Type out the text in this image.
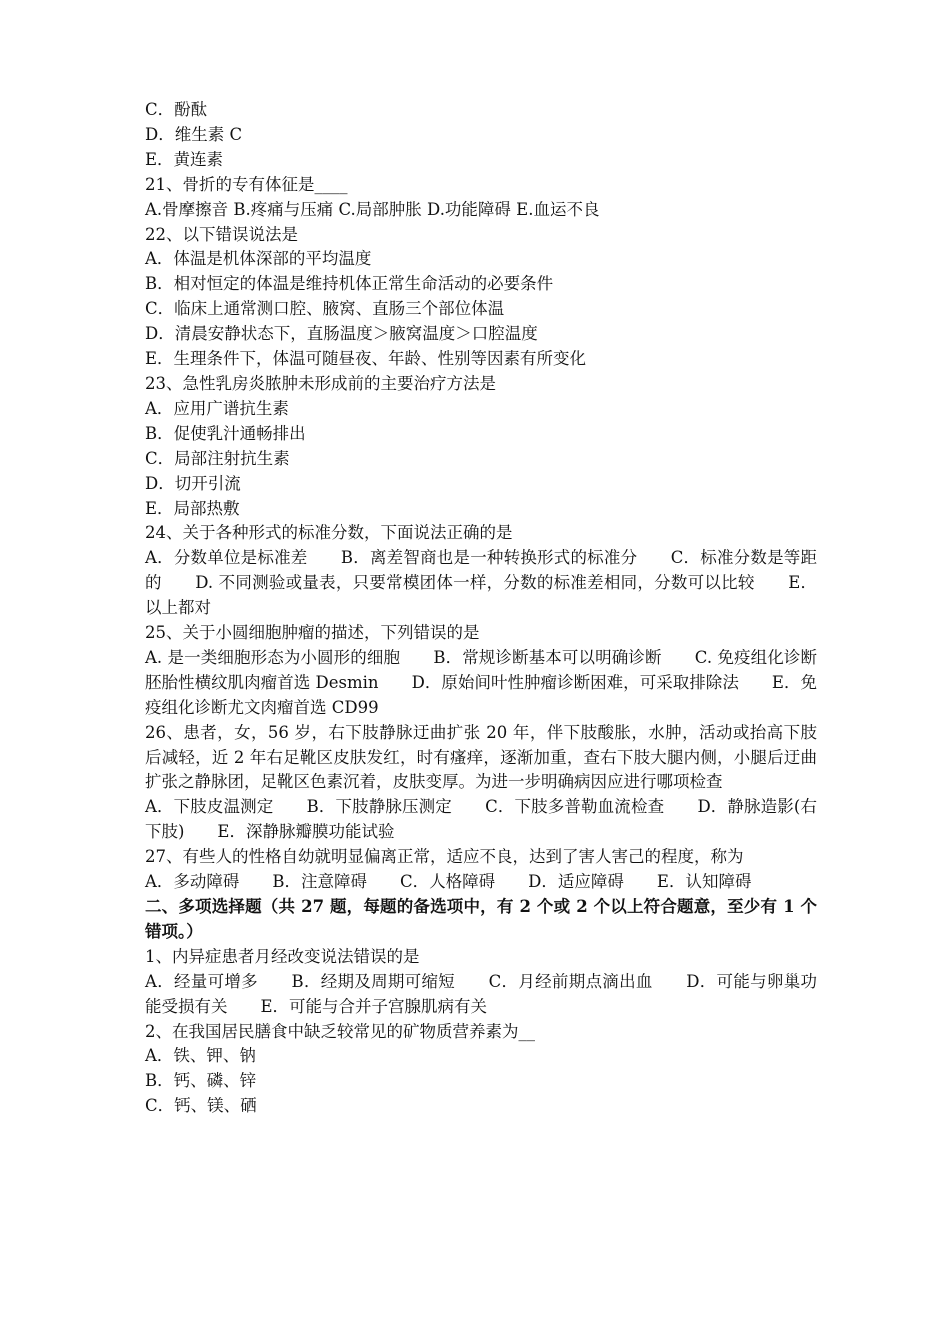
C．酚酞
D．维生素 C
E．黄连素
21、骨折的专有体征是____
A.骨摩擦音 B.疼痛与压痛 C.局部肿胀 D.功能障碍 E.血运不良
22、以下错误说法是
A．体温是机体深部的平均温度
B．相对恒定的体温是维持机体正常生命活动的必要条件
C．临床上通常测口腔、腋窝、直肠三个部位体温
D．清晨安静状态下，直肠温度＞腋窝温度＞口腔温度
E．生理条件下，体温可随昼夜、年龄、性别等因素有所变化
23、急性乳房炎脓肿未形成前的主要治疗方法是
A．应用广谱抗生素
B．促使乳汁通畅排出
C．局部注射抗生素
D．切开引流
E．局部热敷
24、关于各种形式的标准分数，下面说法正确的是
A．分数单位是标准差　　B．离差智商也是一种转换形式的标准分　　C．标准分数是等距的　　D. 不同测验或量表，只要常模团体一样，分数的标准差相同，分数可以比较　　E．以上都对
25、关于小圆细胞肿瘤的描述，下列错误的是
A. 是一类细胞形态为小圆形的细胞　　B．常规诊断基本可以明确诊断　　C. 免疫组化诊断胚胎性横纹肌肉瘤首选 Desmin　　D．原始间叶性肿瘤诊断困难，可采取排除法　　E．免疫组化诊断尤文肉瘤首选 CD99
26、患者，女，56 岁，右下肢静脉迂曲扩张 20 年，伴下肢酸胀，水肿，活动或抬高下肢后减轻，近 2 年右足靴区皮肤发红，时有瘙痒，逐渐加重，查右下肢大腿内侧，小腿后迂曲扩张之静脉团，足靴区色素沉着，皮肤变厚。为进一步明确病因应进行哪项检查
A．下肢皮温测定　　B．下肢静脉压测定　　C．下肢多普勒血流检查　　D．静脉造影(右下肢)　　E．深静脉瓣膜功能试验
27、有些人的性格自幼就明显偏离正常，适应不良，达到了害人害己的程度，称为
A．多动障碍　　B．注意障碍　　C．人格障碍　　D．适应障碍　　E．认知障碍
二、多项选择题（共 27 题，每题的备选项中，有 2 个或 2 个以上符合题意，至少有 1 个错项。）
1、内异症患者月经改变说法错误的是
A．经量可增多　　B．经期及周期可缩短　　C．月经前期点滴出血　　D．可能与卵巢功能受损有关　　E．可能与合并子宫腺肌病有关
2、在我国居民膳食中缺乏较常见的矿物质营养素为__
A．铁、钾、钠
B．钙、磷、锌
C．钙、镁、硒
